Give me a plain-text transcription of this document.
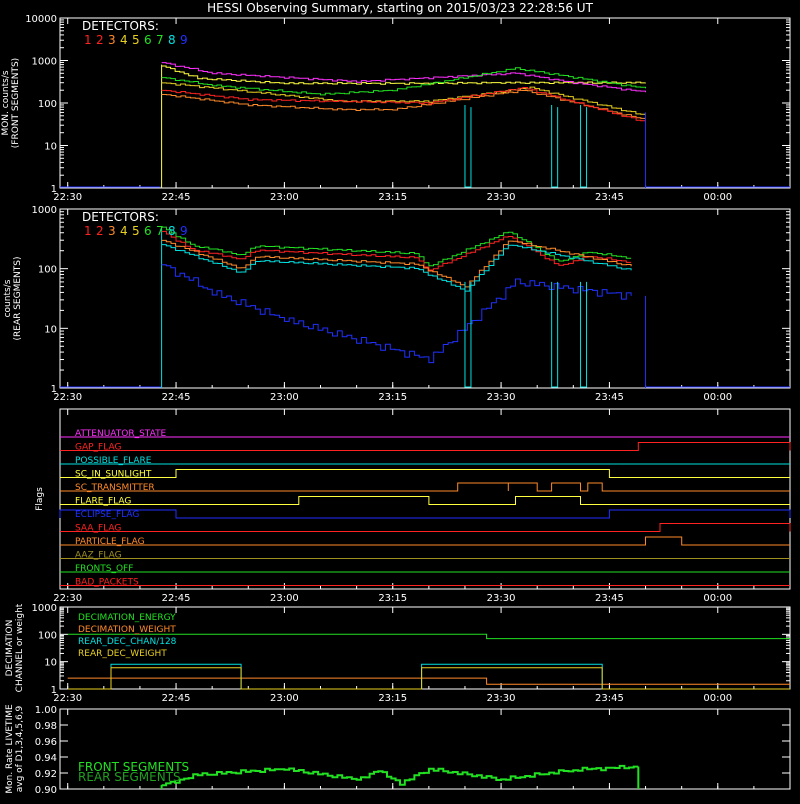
HESSI Observing Summary, starting on 2015/03/23 22:28:56 UT
22:30	22:45	23:00	23:15	23:30	23:45	00:00
1
10
100
1000
10000
MON. counts/s (FRONT SEGMENTS)
DETECTORS:
1 2 3 4 5 6 7 8 9
22:30	22:45	23:00	23:15	23:30	23:45	00:00
1
10
100
1000
counts/s (REAR SEGMENTS)
DETECTORS:
1 2 3 4 5 6 7 8 9
22:30	22:45	23:00	23:15	23:30	23:45	00:00
Flags
ATTENUATOR_STATE
GAP_FLAG
POSSIBLE_FLARE
SC_IN_SUNLIGHT
SC_TRANSMITTER
FLARE_FLAG
ECLIPSE_FLAG
SAA_FLAG
PARTICLE_FLAG
AAZ_FLAG
FRONTS_OFF
BAD_PACKETS
22:30	22:45	23:00	23:15	23:30	23:45	00:00
1
10
100
1000
DECIMATION CHANNEL or weight	DECIMATION_ENERGY
DECIMATION_WEIGHT
REAR_DEC_CHAN/128
REAR_DEC_WEIGHT
Mon. Rate LIVETIME avg of D1,3,4,5,6,9 0.90
0.92
0.94
0.96
0.98
1.00
FRONT SEGMENTS
REAR SEGMENTS
